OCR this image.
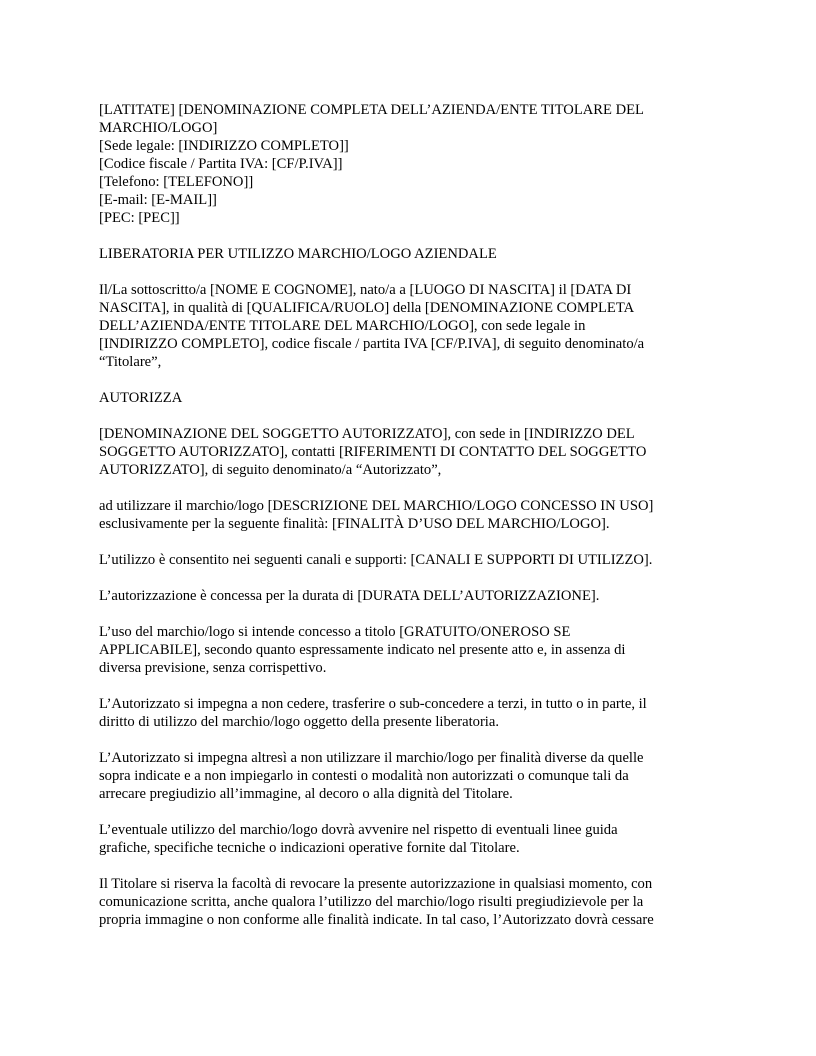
[LATITATE] [DENOMINAZIONE COMPLETA DELL’AZIENDA/ENTE TITOLARE DEL
MARCHIO/LOGO]
[Sede legale: [INDIRIZZO COMPLETO]]
[Codice fiscale / Partita IVA: [CF/P.IVA]]
[Telefono: [TELEFONO]]
[E-mail: [E-MAIL]]
[PEC: [PEC]]
LIBERATORIA PER UTILIZZO MARCHIO/LOGO AZIENDALE
Il/La sottoscritto/a [NOME E COGNOME], nato/a a [LUOGO DI NASCITA] il [DATA DI
NASCITA], in qualità di [QUALIFICA/RUOLO] della [DENOMINAZIONE COMPLETA
DELL’AZIENDA/ENTE TITOLARE DEL MARCHIO/LOGO], con sede legale in
[INDIRIZZO COMPLETO], codice fiscale / partita IVA [CF/P.IVA], di seguito denominato/a
“Titolare”,
AUTORIZZA
[DENOMINAZIONE DEL SOGGETTO AUTORIZZATO], con sede in [INDIRIZZO DEL
SOGGETTO AUTORIZZATO], contatti [RIFERIMENTI DI CONTATTO DEL SOGGETTO
AUTORIZZATO], di seguito denominato/a “Autorizzato”,
ad utilizzare il marchio/logo [DESCRIZIONE DEL MARCHIO/LOGO CONCESSO IN USO]
esclusivamente per la seguente finalità: [FINALITÀ D’USO DEL MARCHIO/LOGO].
L’utilizzo è consentito nei seguenti canali e supporti: [CANALI E SUPPORTI DI UTILIZZO].
L’autorizzazione è concessa per la durata di [DURATA DELL’AUTORIZZAZIONE].
L’uso del marchio/logo si intende concesso a titolo [GRATUITO/ONEROSO SE
APPLICABILE], secondo quanto espressamente indicato nel presente atto e, in assenza di
diversa previsione, senza corrispettivo.
L’Autorizzato si impegna a non cedere, trasferire o sub-concedere a terzi, in tutto o in parte, il
diritto di utilizzo del marchio/logo oggetto della presente liberatoria.
L’Autorizzato si impegna altresì a non utilizzare il marchio/logo per finalità diverse da quelle
sopra indicate e a non impiegarlo in contesti o modalità non autorizzati o comunque tali da
arrecare pregiudizio all’immagine, al decoro o alla dignità del Titolare.
L’eventuale utilizzo del marchio/logo dovrà avvenire nel rispetto di eventuali linee guida
grafiche, specifiche tecniche o indicazioni operative fornite dal Titolare.
Il Titolare si riserva la facoltà di revocare la presente autorizzazione in qualsiasi momento, con
comunicazione scritta, anche qualora l’utilizzo del marchio/logo risulti pregiudizievole per la
propria immagine o non conforme alle finalità indicate. In tal caso, l’Autorizzato dovrà cessare
